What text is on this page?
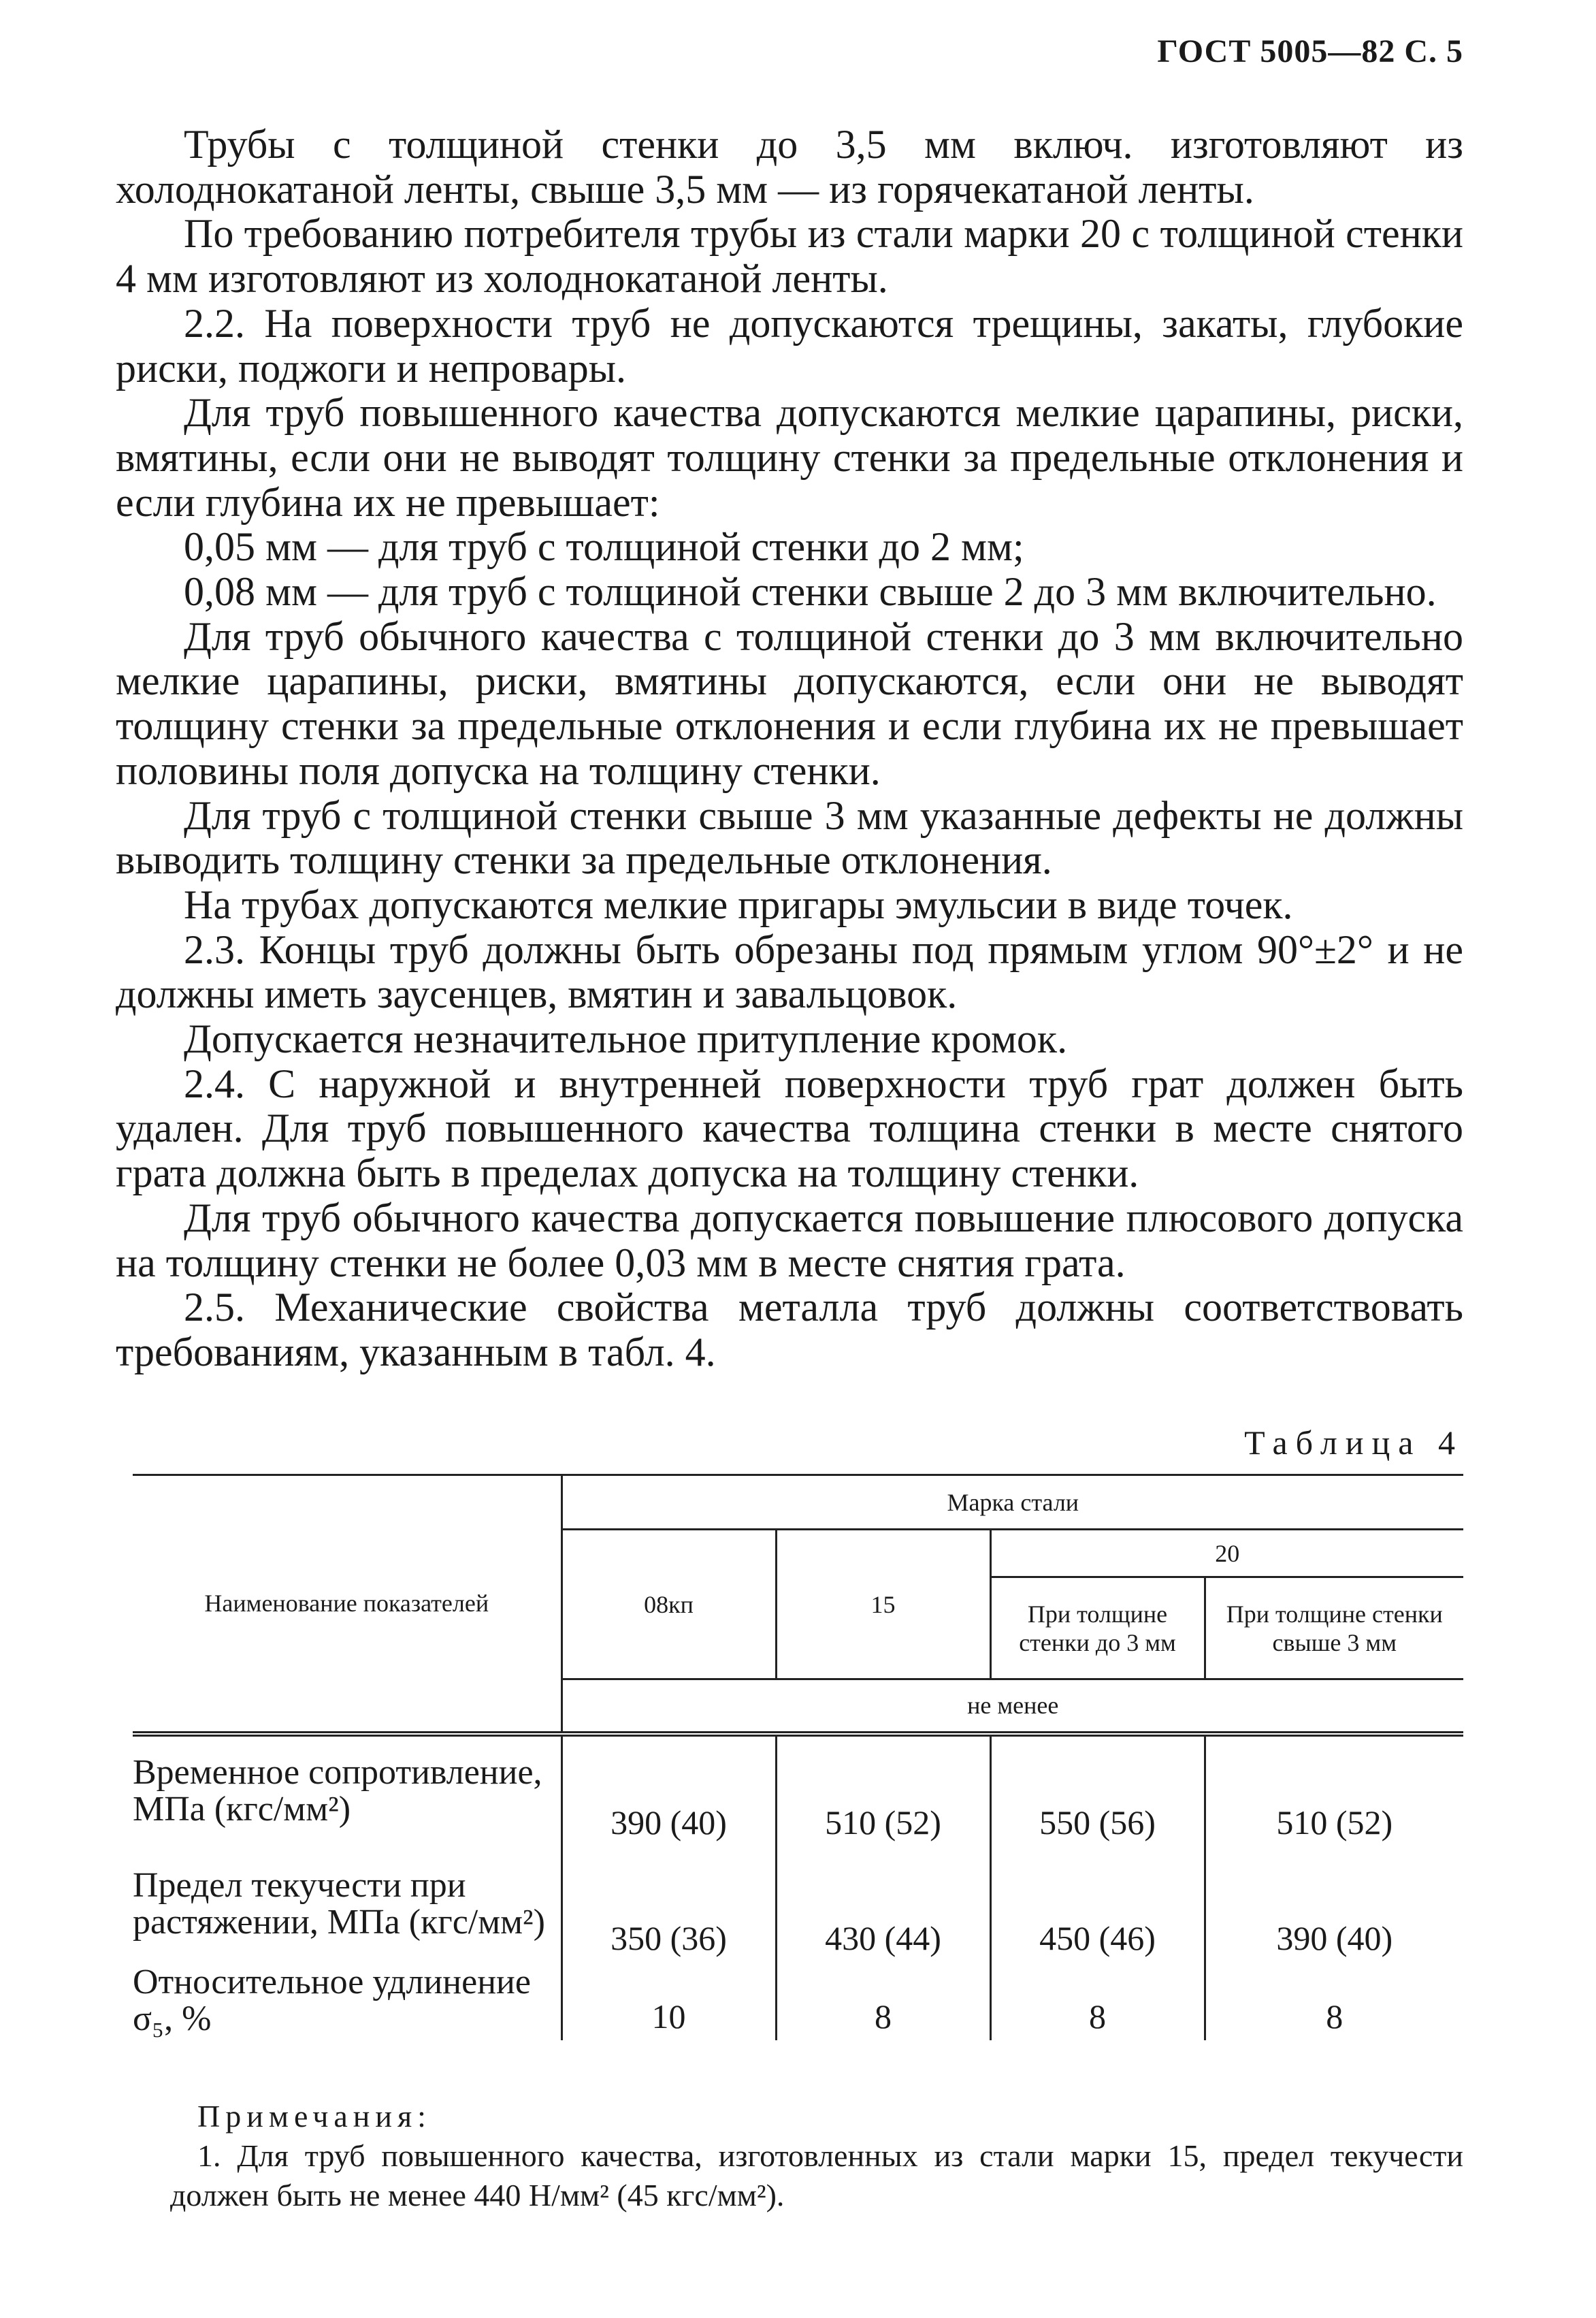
ГОСТ 5005—82 С. 5

Трубы с толщиной стенки до 3,5 мм включ. изготовляют из холоднокатаной ленты, свыше 3,5 мм — из горячекатаной ленты.

По требованию потребителя трубы из стали марки 20 с толщиной стенки 4 мм изготовляют из холоднокатаной ленты.

2.2. На поверхности труб не допускаются трещины, закаты, глубокие риски, поджоги и непровары.

Для труб повышенного качества допускаются мелкие царапины, риски, вмятины, если они не выводят толщину стенки за предельные отклонения и если глубина их не превышает:

0,05 мм — для труб с толщиной стенки до 2 мм;

0,08 мм — для труб с толщиной стенки свыше 2 до 3 мм включительно.

Для труб обычного качества с толщиной стенки до 3 мм включительно мелкие царапины, риски, вмятины допускаются, если они не выводят толщину стенки за предельные отклонения и если глубина их не превышает половины поля допуска на толщину стенки.

Для труб с толщиной стенки свыше 3 мм указанные дефекты не должны выводить толщину стенки за предельные отклонения.

На трубах допускаются мелкие пригары эмульсии в виде точек.

2.3. Концы труб должны быть обрезаны под прямым углом 90°±2° и не должны иметь заусенцев, вмятин и завальцовок.

Допускается незначительное притупление кромок.

2.4. С наружной и внутренней поверхности труб грат должен быть удален. Для труб повышенного качества толщина стенки в месте снятого грата должна быть в пределах допуска на толщину стенки.

Для труб обычного качества допускается повышение плюсового допуска на толщину стенки не более 0,03 мм в месте снятия грата.

2.5. Механические свойства металла труб должны соответствовать требованиям, указанным в табл. 4.

Таблица 4
Наименование показателей	Марка стали			
	08кп	15	20	
			При толщине стенки до 3 мм	При толщине стенки свыше 3 мм
	не менее			
Временное сопротивление, МПа (кгс/мм²)	390 (40)	510 (52)	550 (56)	510 (52)
Предел текучести при растяжении, МПа (кгс/мм²)	350 (36)	430 (44)	450 (46)	390 (40)
Относительное удлинение σ₅, %	10	8	8	8
Примечания:
1. Для труб повышенного качества, изготовленных из стали марки 15, предел текучести должен быть не менее 440 Н/мм² (45 кгс/мм²).
